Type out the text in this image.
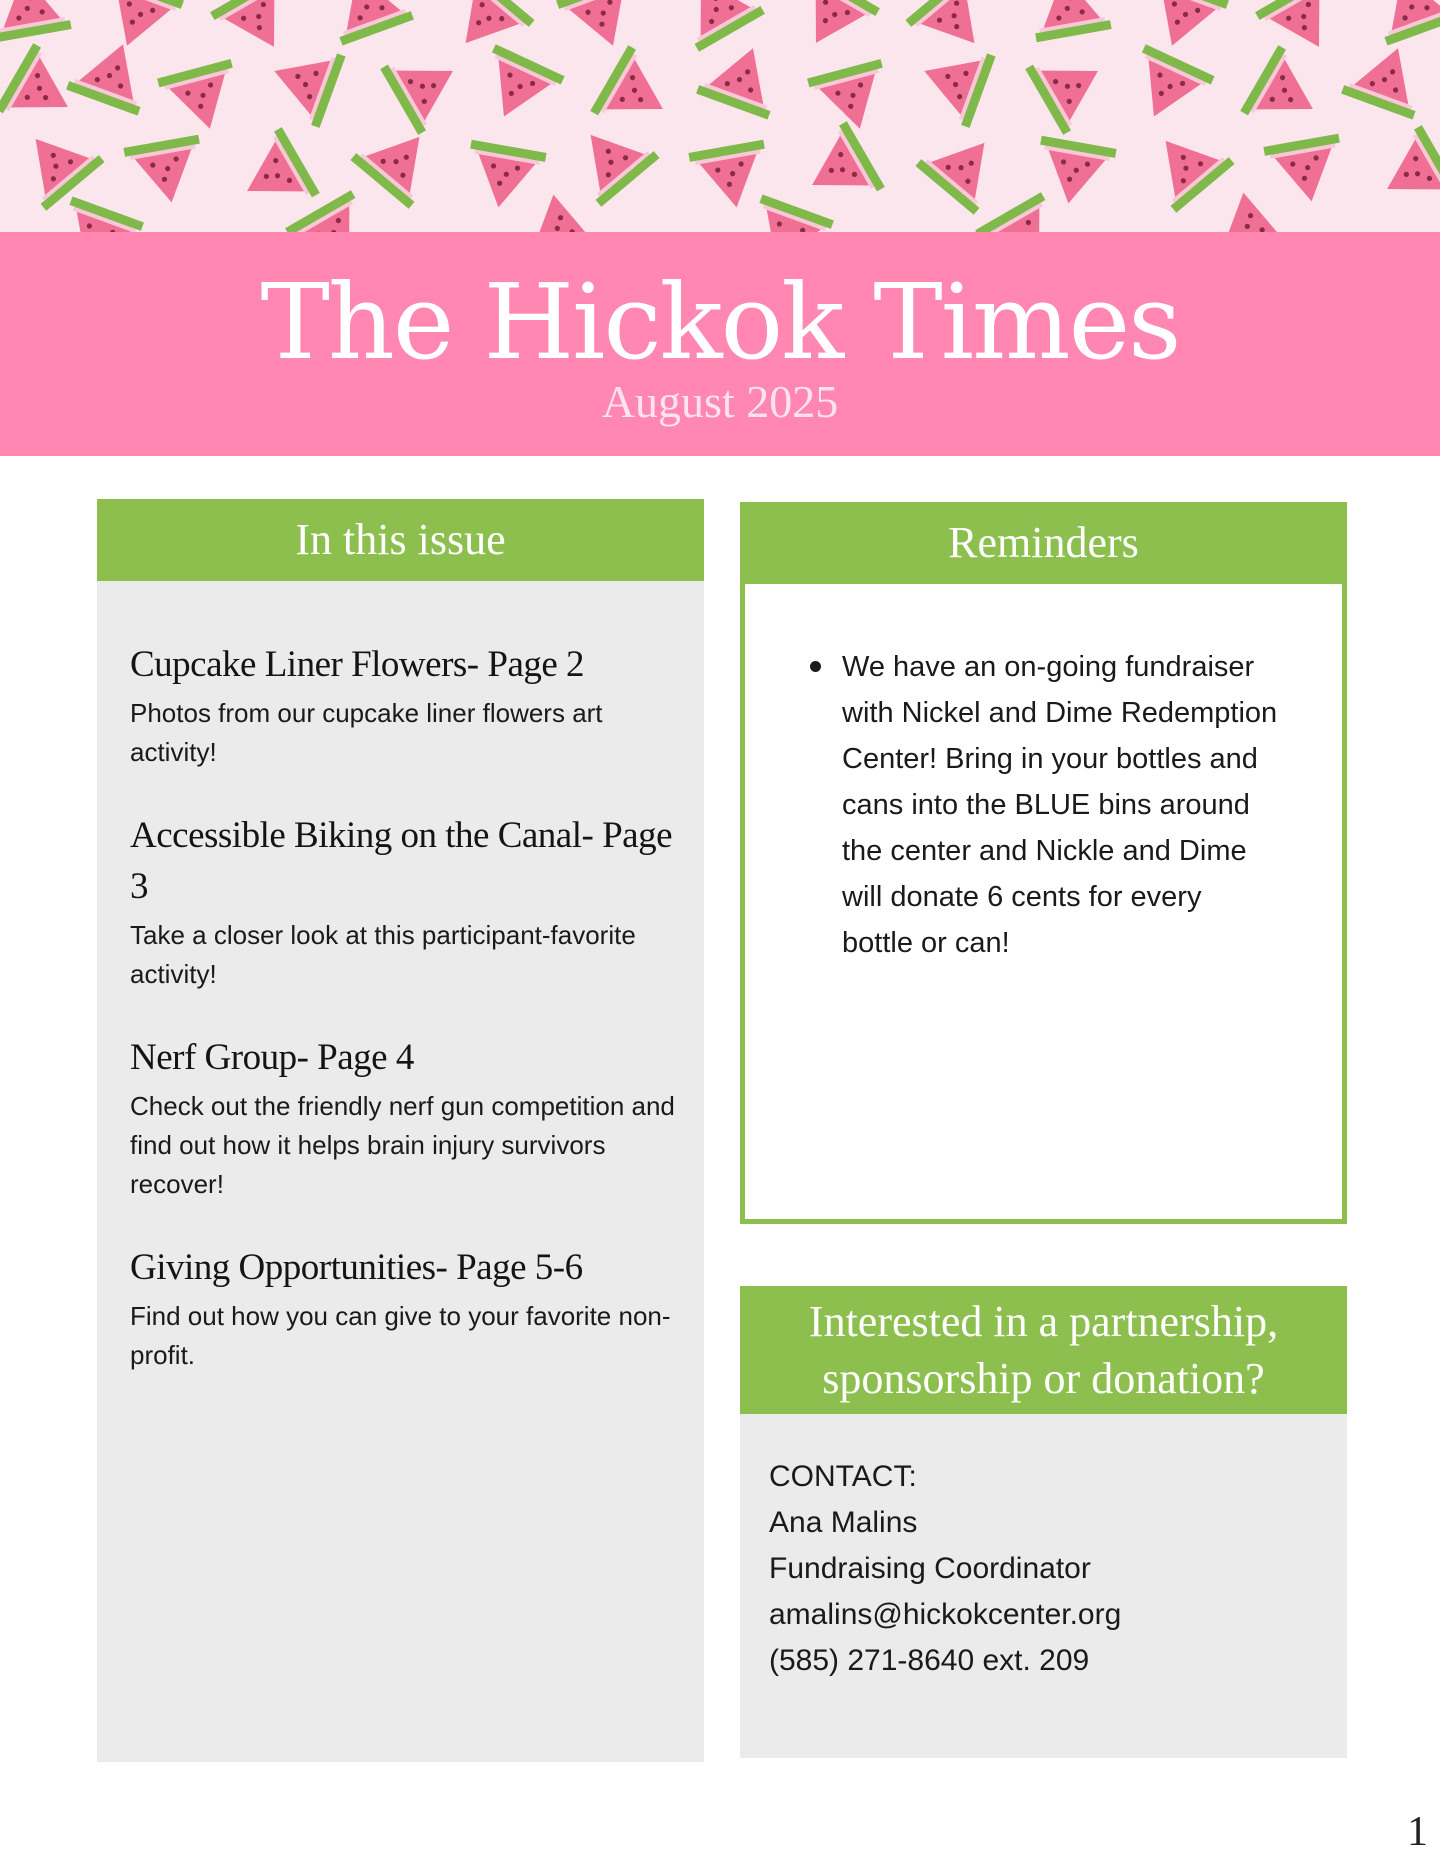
The Hickok Times
August 2025
In this issue
Cupcake Liner Flowers- Page 2
Photos from our cupcake liner flowers art activity!
Accessible Biking on the Canal- Page 3
Take a closer look at this participant-favorite activity!
Nerf Group- Page 4
Check out the friendly nerf gun competition and find out how it helps brain injury survivors recover!
Giving Opportunities- Page 5-6
Find out how you can give to your favorite non-profit.
Reminders
We have an on-going fundraiser with Nickel and Dime Redemption Center! Bring in your bottles and cans into the BLUE bins around the center and Nickle and Dime will donate 6 cents for every bottle or can!
Interested in a partnership,
sponsorship or donation?
CONTACT:
Ana Malins
Fundraising Coordinator
amalins@hickokcenter.org
(585) 271-8640 ext. 209
1
